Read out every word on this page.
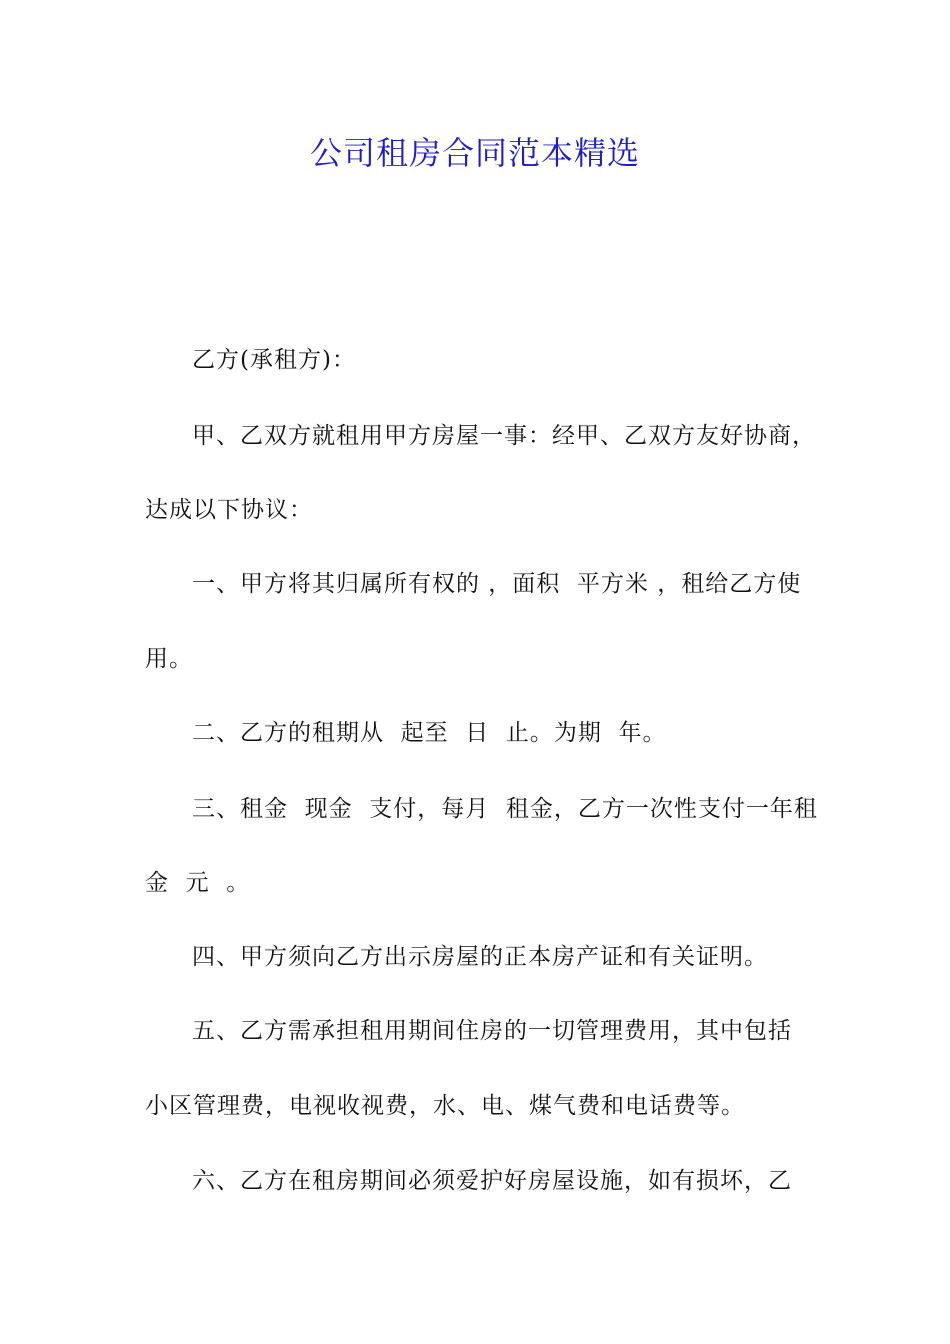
公司租房合同范本精选

乙方(承租方)：

甲、乙双方就租用甲方房屋一事：经甲、乙双方友好协商，

达成以下协议：

一、甲方将其归属所有权的 ，面积  平方米 ，租给乙方使

用。

二、乙方的租期从  起至  日  止。为期  年。

三、租金  现金  支付，每月  租金，乙方一次性支付一年租

金  元  。

四、甲方须向乙方出示房屋的正本房产证和有关证明。

五、乙方需承担租用期间住房的一切管理费用，其中包括

小区管理费，电视收视费，水、电、煤气费和电话费等。

六、乙方在租房期间必须爱护好房屋设施，如有损坏，乙
